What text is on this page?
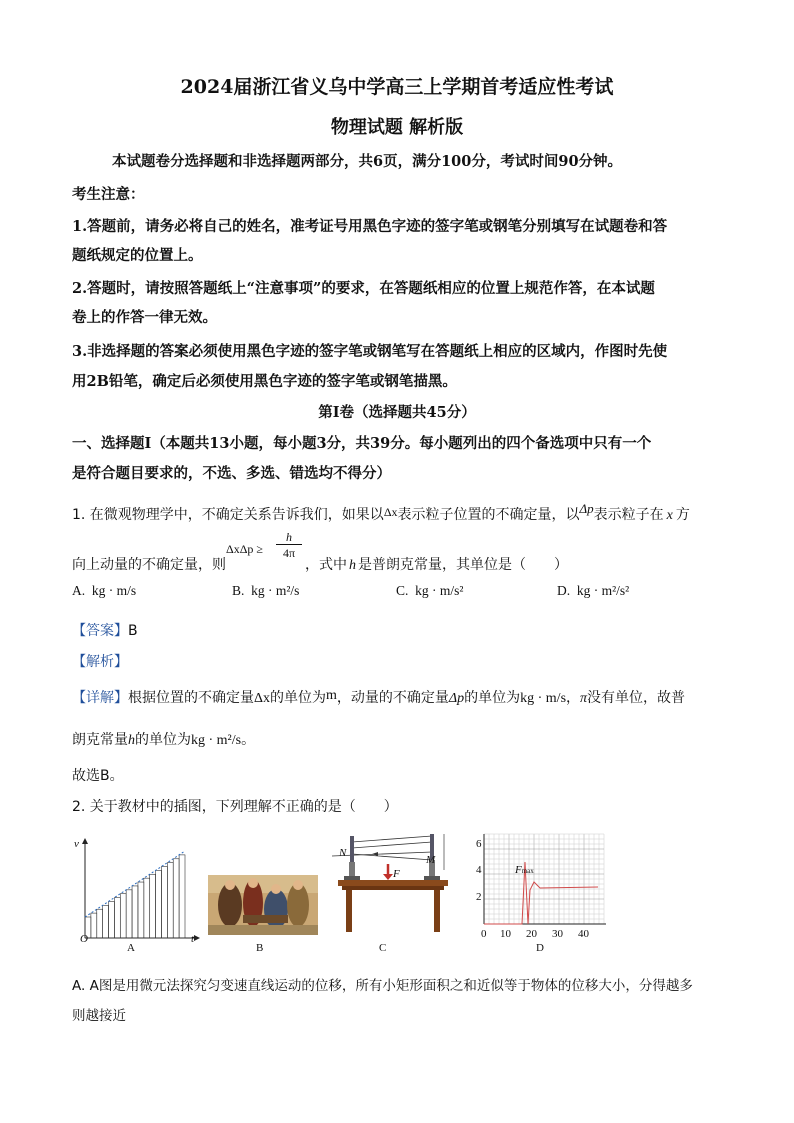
2024届浙江省义乌中学高三上学期首考适应性考试
物理试题 解析版
本试题卷分选择题和非选择题两部分，共6页，满分100分，考试时间90分钟。
考生注意：
1.答题前，请务必将自己的姓名，准考证号用黑色字迹的签字笔或钢笔分别填写在试题卷和答
题纸规定的位置上。
2.答题时，请按照答题纸上“注意事项”的要求，在答题纸相应的位置上规范作答，在本试题
卷上的作答一律无效。
3.非选择题的答案必须使用黑色字迹的签字笔或钢笔写在答题纸上相应的区域内，作图时先使
用2B铅笔，确定后必须使用黑色字迹的签字笔或钢笔描黑。
第Ⅰ卷（选择题共45分）
一、选择题Ⅰ（本题共13小题，每小题3分，共39分。每小题列出的四个备选项中只有一个
是符合题目要求的，不选、多选、错选均不得分）
1. 在微观物理学中，不确定关系告诉我们，如果以Δx表示粒子位置的不确定量，以Δp表示粒子在 x 方
向上动量的不确定量，则
ΔxΔp ≥
h
4π
，式中 h 是普朗克常量，其单位是（　　）
A. kg · m/s	B. kg · m²/s	C. kg · m/s²	D. kg · m²/s²
【答案】B
【解析】
【详解】根据位置的不确定量Δx的单位为m，动量的不确定量Δp的单位为kg · m/s，π没有单位，故普
朗克常量h的单位为kg · m²/s。
故选B。
2. 关于教材中的插图，下列理解不正确的是（　　）
v
O	t
A	B
N
M
F
C
6
4
2
0 10 20 30 40
Fmax
D
A. A图是用微元法探究匀变速直线运动的位移，所有小矩形面积之和近似等于物体的位移大小，分得越多
则越接近
